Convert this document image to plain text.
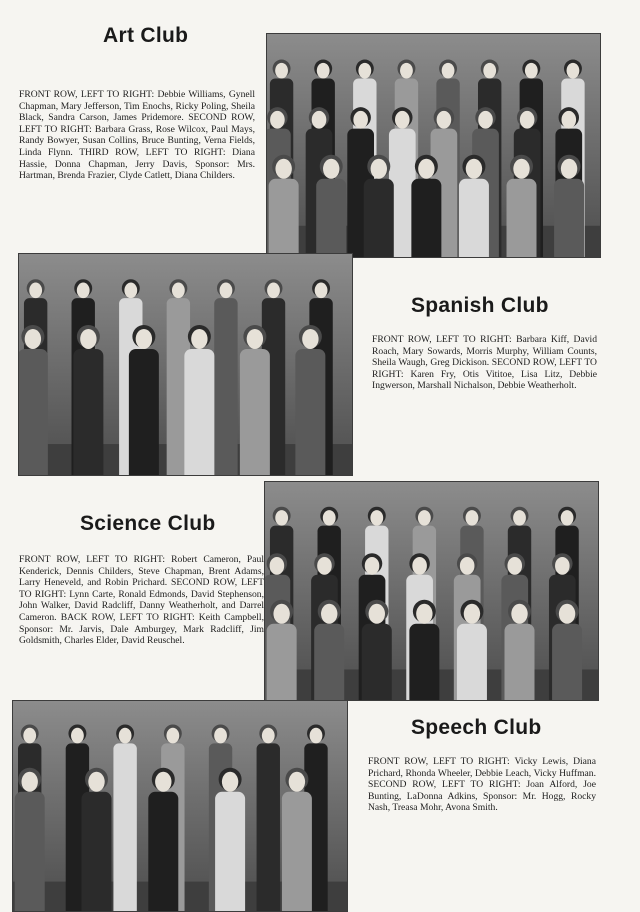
Art Club

FRONT ROW, LEFT TO RIGHT: Debbie Williams, Gynell Chapman, Mary Jefferson, Tim Enochs, Ricky Poling, Sheila Black, Sandra Carson, James Pridemore. SECOND ROW, LEFT TO RIGHT: Barbara Grass, Rose Wilcox, Paul Mays, Randy Bowyer, Susan Collins, Bruce Bunting, Verna Fields, Linda Flynn. THIRD ROW, LEFT TO RIGHT: Diana Hassie, Donna Chapman, Jerry Davis, Sponsor: Mrs. Hartman, Brenda Frazier, Clyde Catlett, Diana Childers.

Spanish Club

FRONT ROW, LEFT TO RIGHT: Barbara Kiff, David Roach, Mary Sowards, Morris Murphy, William Counts, Sheila Waugh, Greg Dickison. SECOND ROW, LEFT TO RIGHT: Karen Fry, Otis Vititoe, Lisa Litz, Debbie Ingwerson, Marshall Nichalson, Debbie Weatherholt.

Science Club

FRONT ROW, LEFT TO RIGHT: Robert Cameron, Paul Kenderick, Dennis Childers, Steve Chapman, Brent Adams, Larry Heneveld, and Robin Prichard. SECOND ROW, LEFT TO RIGHT: Lynn Carte, Ronald Edmonds, David Stephenson, John Walker, David Radcliff, Danny Weatherholt, and Darrel Cameron. BACK ROW, LEFT TO RIGHT: Keith Campbell, Sponsor: Mr. Jarvis, Dale Amburgey, Mark Radcliff, Jim Goldsmith, Charles Elder, David Reuschel.

Speech Club

FRONT ROW, LEFT TO RIGHT: Vicky Lewis, Diana Prichard, Rhonda Wheeler, Debbie Leach, Vicky Huffman. SECOND ROW, LEFT TO RIGHT: Joan Alford, Joe Bunting, LaDonna Adkins, Sponsor: Mr. Hogg, Rocky Nash, Treasa Mohr, Avona Smith.
